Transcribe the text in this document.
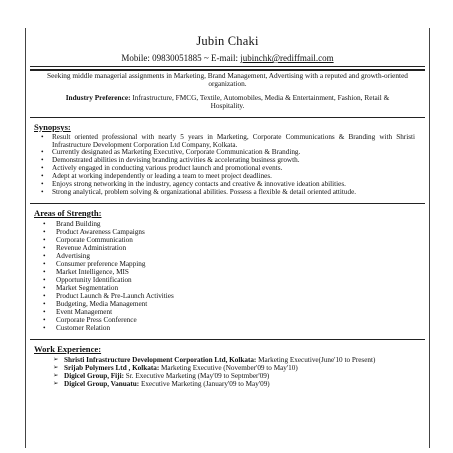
Jubin Chaki
Mobile: 09830051885 ~ E-mail: jubinchk@rediffmail.com
Seeking middle managerial assignments in Marketing, Brand Management, Advertising with a reputed and growth-oriented organization.
Industry Preference: Infrastructure, FMCG, Textile, Automobiles, Media & Entertainment, Fashion, Retail & Hospitality.
Synopsys:
• Result oriented professional with nearly 5 years in Marketing, Corporate Communications & Branding with Shristi Infrastructure Development Corporation Ltd Company, Kolkata.
• Currently designated as Marketing Executive, Corporate Communication & Branding.
• Demonstrated abilities in devising branding activities & accelerating business growth.
• Actively engaged in conducting various product launch and promotional events.
• Adept at working independently or leading a team to meet project deadlines.
• Enjoys strong networking in the industry, agency contacts and creative & innovative ideation abilities.
• Strong analytical, problem solving & organizational abilities. Possess a flexible & detail oriented attitude.
Areas of Strength:
• Brand Building
• Product Awareness Campaigns
• Corporate Communication
• Revenue Administration
• Advertising
• Consumer preference Mapping
• Market Intelligence, MIS
• Opportunity Identification
• Market Segmentation
• Product Launch & Pre-Launch Activities
• Budgeting, Media Management
• Event Management
• Corporate Press Conference
• Customer Relation
Work Experience:
➢ Shristi Infrastructure Development Corporation Ltd, Kolkata: Marketing Executive(June'10 to Present)
➢ Srijab Polymers Ltd , Kolkata: Marketing Executive (November'09 to May'10)
➢ Digicel Group, Fiji: Sr. Executive Marketing (May'09 to Septmber'09)
➢ Digicel Group, Vanuatu: Executive Marketing (January'09 to May'09)
